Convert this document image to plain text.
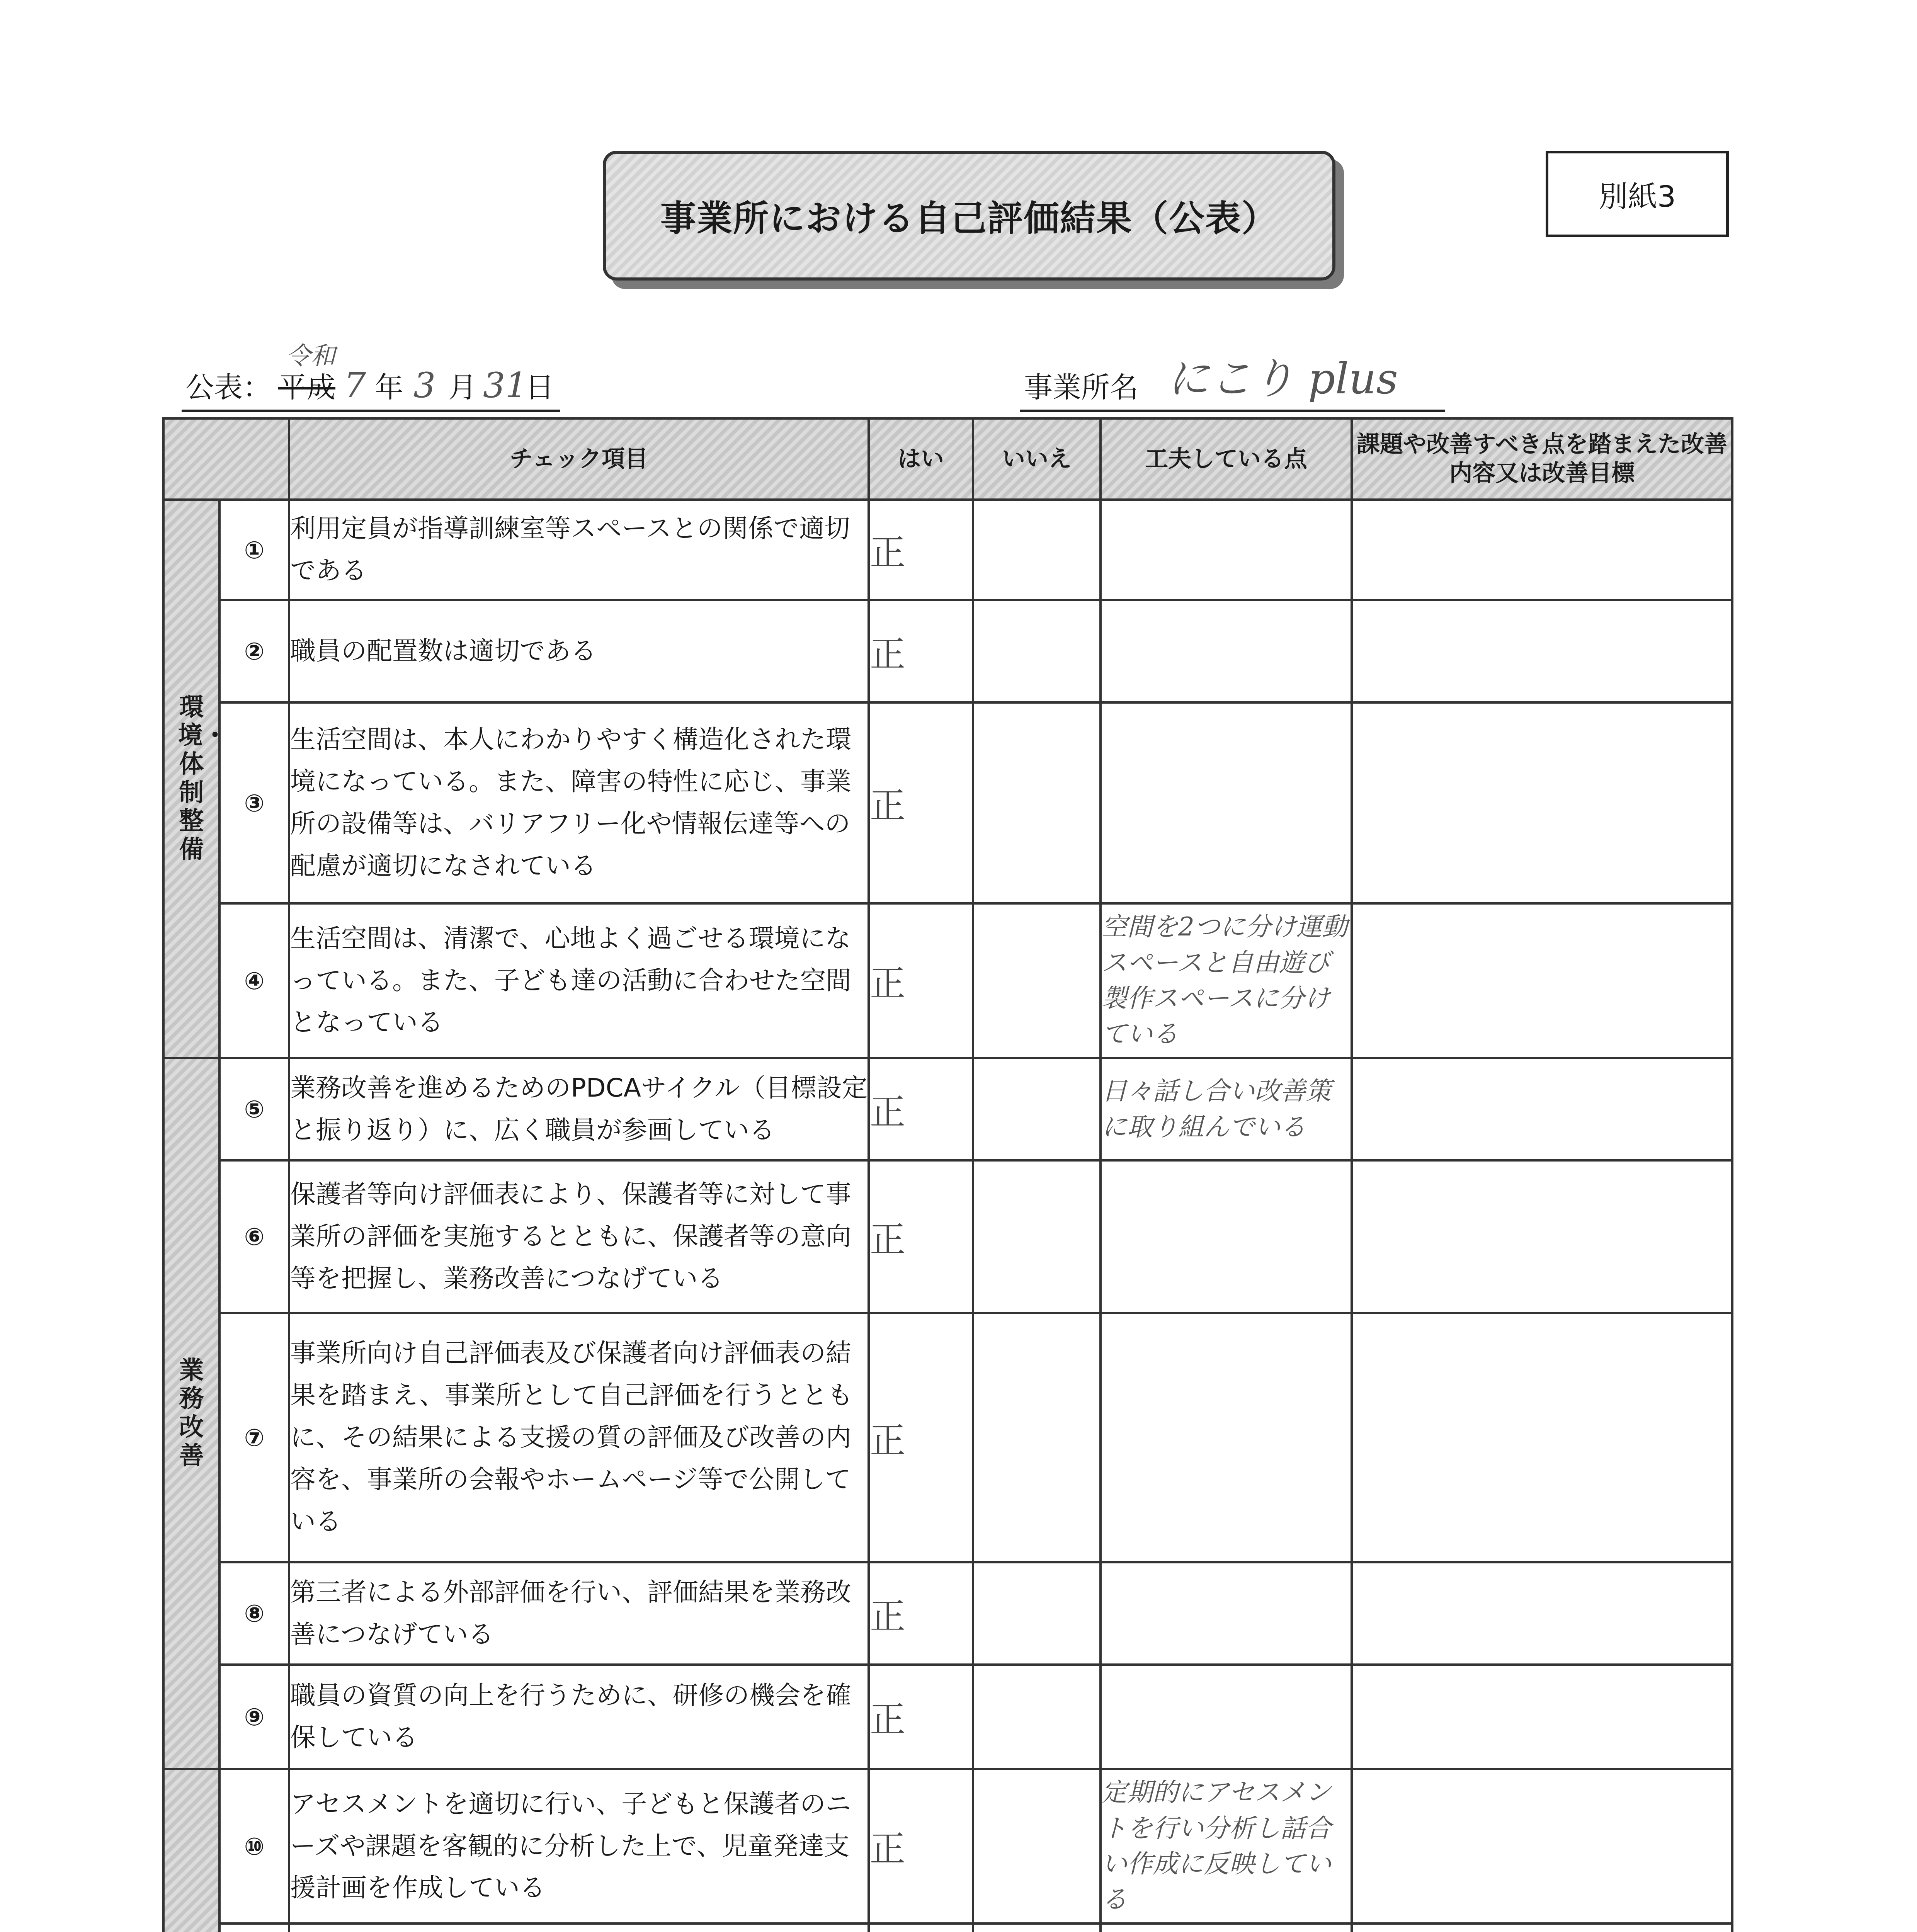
事業所における自己評価結果（公表）
別紙3
公表：
令和
平成 7 年 3 月 31
日	事業所名 にこり plus
		チェック項目	はい	いいえ	工夫している点	課題や改善すべき点を踏まえた改善内容又は改善目標
環境・体制整備	①	利用定員が指導訓練室等スペースとの関係で適切である	正			
	②	職員の配置数は適切である	正			
	③	生活空間は、本人にわかりやすく構造化された環境になっている。また、障害の特性に応じ、事業所の設備等は、バリアフリー化や情報伝達等への配慮が適切になされている	正			
	④	生活空間は、清潔で、心地よく過ごせる環境になっている。また、子ども達の活動に合わせた空間となっている	正		空間を2つに分け運動スペースと自由遊び製作スペースに分けている	
業務改善	⑤	業務改善を進めるためのPDCAサイクル（目標設定と振り返り）に、広く職員が参画している	正		日々話し合い改善策に取り組んでいる	
	⑥	保護者等向け評価表により、保護者等に対して事業所の評価を実施するとともに、保護者等の意向等を把握し、業務改善につなげている	正			
	⑦	事業所向け自己評価表及び保護者向け評価表の結果を踏まえ、事業所として自己評価を行うとともに、その結果による支援の質の評価及び改善の内容を、事業所の会報やホームページ等で公開している	正			
	⑧	第三者による外部評価を行い、評価結果を業務改善につなげている	正			
	⑨	職員の資質の向上を行うために、研修の機会を確保している	正			
	⑩	アセスメントを適切に行い、子どもと保護者のニーズや課題を客観的に分析した上で、児童発達支援計画を作成している	正		定期的にアセスメントを行い分析し話合い作成に反映している	
